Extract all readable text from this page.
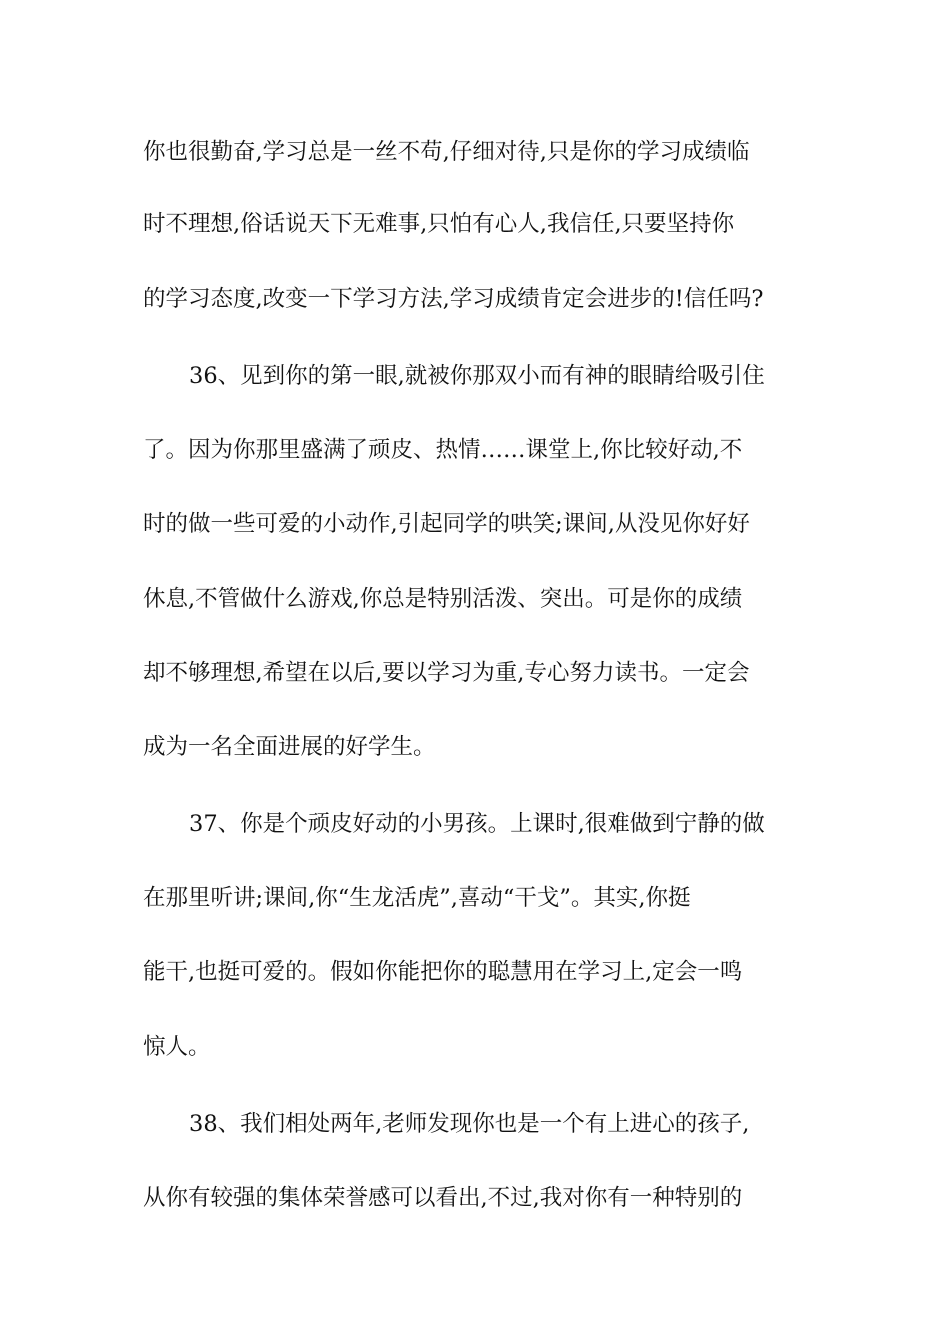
你也很勤奋,学习总是一丝不苟,仔细对待,只是你的学习成绩临

时不理想,俗话说天下无难事,只怕有心人,我信任,只要坚持你

的学习态度,改变一下学习方法,学习成绩肯定会进步的!信任吗?

36、见到你的第一眼,就被你那双小而有神的眼睛给吸引住

了。因为你那里盛满了顽皮、热情……课堂上,你比较好动,不

时的做一些可爱的小动作,引起同学的哄笑;课间,从没见你好好

休息,不管做什么游戏,你总是特别活泼、突出。可是你的成绩

却不够理想,希望在以后,要以学习为重,专心努力读书。一定会

成为一名全面进展的好学生。

37、你是个顽皮好动的小男孩。上课时,很难做到宁静的做

在那里听讲;课间,你“生龙活虎”,喜动“干戈”。其实,你挺

能干,也挺可爱的。假如你能把你的聪慧用在学习上,定会一鸣

惊人。

38、我们相处两年,老师发现你也是一个有上进心的孩子,

从你有较强的集体荣誉感可以看出,不过,我对你有一种特别的
